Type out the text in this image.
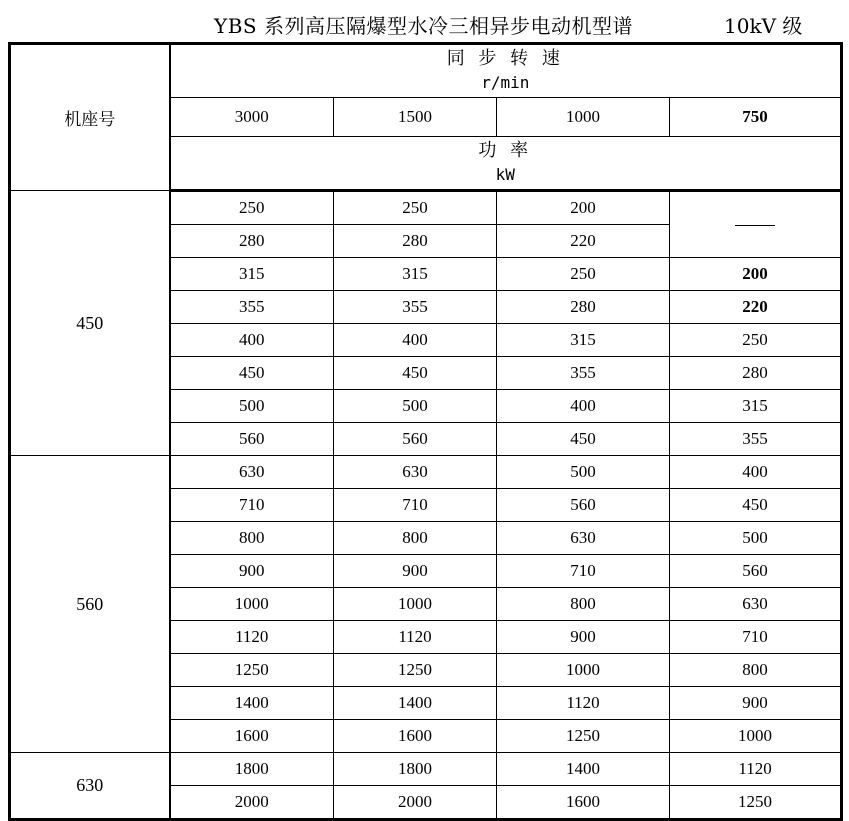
YBS 系列高压隔爆型水冷三相异步电动机型谱	10kV 级
机座号	同 步 转 速
r/min			

	3000	1500	1000	750

	功 率
kW			

450	250	250	200	
	280	280	220	
	315	315	250	200
	355	355	280	220
	400	400	315	250
	450	450	355	280
	500	500	400	315
	560	560	450	355
560	630	630	500	400
	710	710	560	450
	800	800	630	500
	900	900	710	560
	1000	1000	800	630
	1120	1120	900	710
	1250	1250	1000	800
	1400	1400	1120	900
	1600	1600	1250	1000
630	1800	1800	1400	1120
	2000	2000	1600	1250
